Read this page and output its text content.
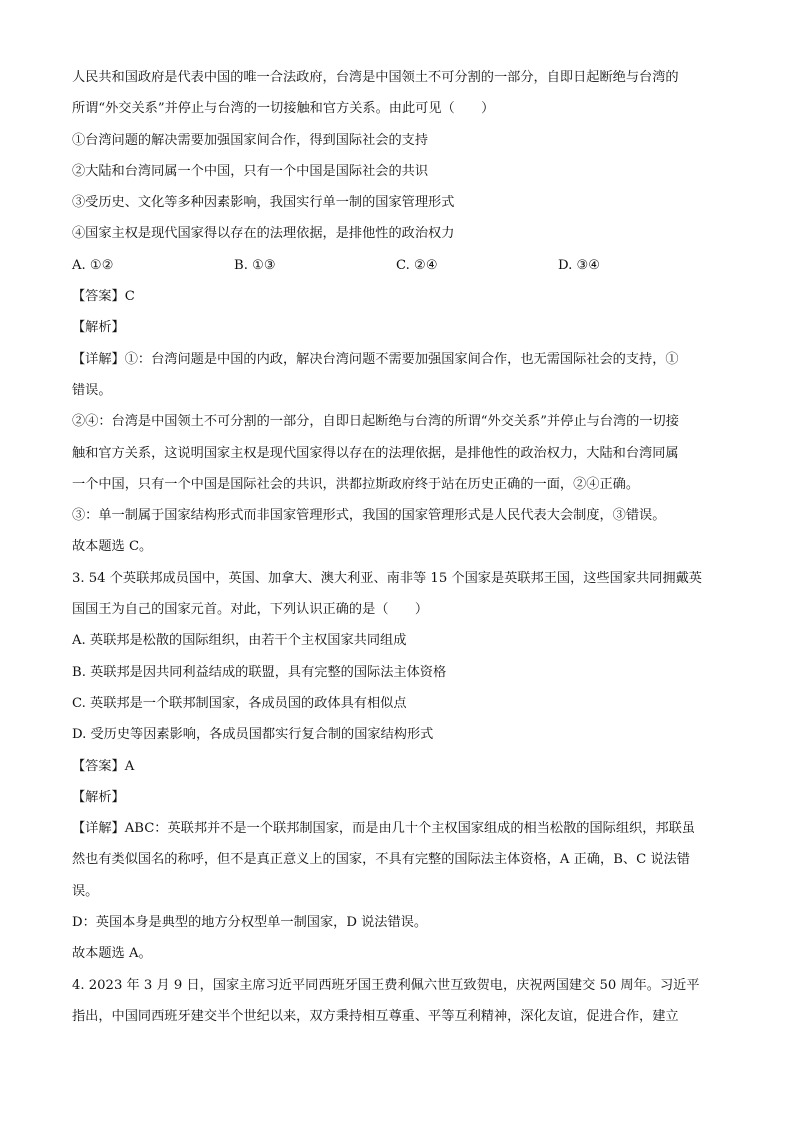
人民共和国政府是代表中国的唯一合法政府，台湾是中国领土不可分割的一部分，自即日起断绝与台湾的
所谓“外交关系”并停止与台湾的一切接触和官方关系。由此可见（　　）
①台湾问题的解决需要加强国家间合作，得到国际社会的支持
②大陆和台湾同属一个中国，只有一个中国是国际社会的共识
③受历史、文化等多种因素影响，我国实行单一制的国家管理形式
④国家主权是现代国家得以存在的法理依据，是排他性的政治权力
A. ①②	B. ①③	C. ②④	D. ③④
【答案】C
【解析】
【详解】①：台湾问题是中国的内政，解决台湾问题不需要加强国家间合作，也无需国际社会的支持，①
错误。
②④：台湾是中国领土不可分割的一部分，自即日起断绝与台湾的所谓“外交关系”并停止与台湾的一切接
触和官方关系，这说明国家主权是现代国家得以存在的法理依据，是排他性的政治权力，大陆和台湾同属
一个中国，只有一个中国是国际社会的共识，洪都拉斯政府终于站在历史正确的一面，②④正确。
③：单一制属于国家结构形式而非国家管理形式，我国的国家管理形式是人民代表大会制度，③错误。
故本题选 C。
3. 54 个英联邦成员国中，英国、加拿大、澳大利亚、南非等 15 个国家是英联邦王国，这些国家共同拥戴英
国国王为自己的国家元首。对此，下列认识正确的是（　　）
A. 英联邦是松散的国际组织，由若干个主权国家共同组成
B. 英联邦是因共同利益结成的联盟，具有完整的国际法主体资格
C. 英联邦是一个联邦制国家，各成员国的政体具有相似点
D. 受历史等因素影响，各成员国都实行复合制的国家结构形式
【答案】A
【解析】
【详解】ABC：英联邦并不是一个联邦制国家，而是由几十个主权国家组成的相当松散的国际组织，邦联虽
然也有类似国名的称呼，但不是真正意义上的国家，不具有完整的国际法主体资格，A 正确，B、C 说法错
误。
D：英国本身是典型的地方分权型单一制国家，D 说法错误。
故本题选 A。
4. 2023 年 3 月 9 日，国家主席习近平同西班牙国王费利佩六世互致贺电，庆祝两国建交 50 周年。习近平
指出，中国同西班牙建交半个世纪以来，双方秉持相互尊重、平等互利精神，深化友谊，促进合作，建立
